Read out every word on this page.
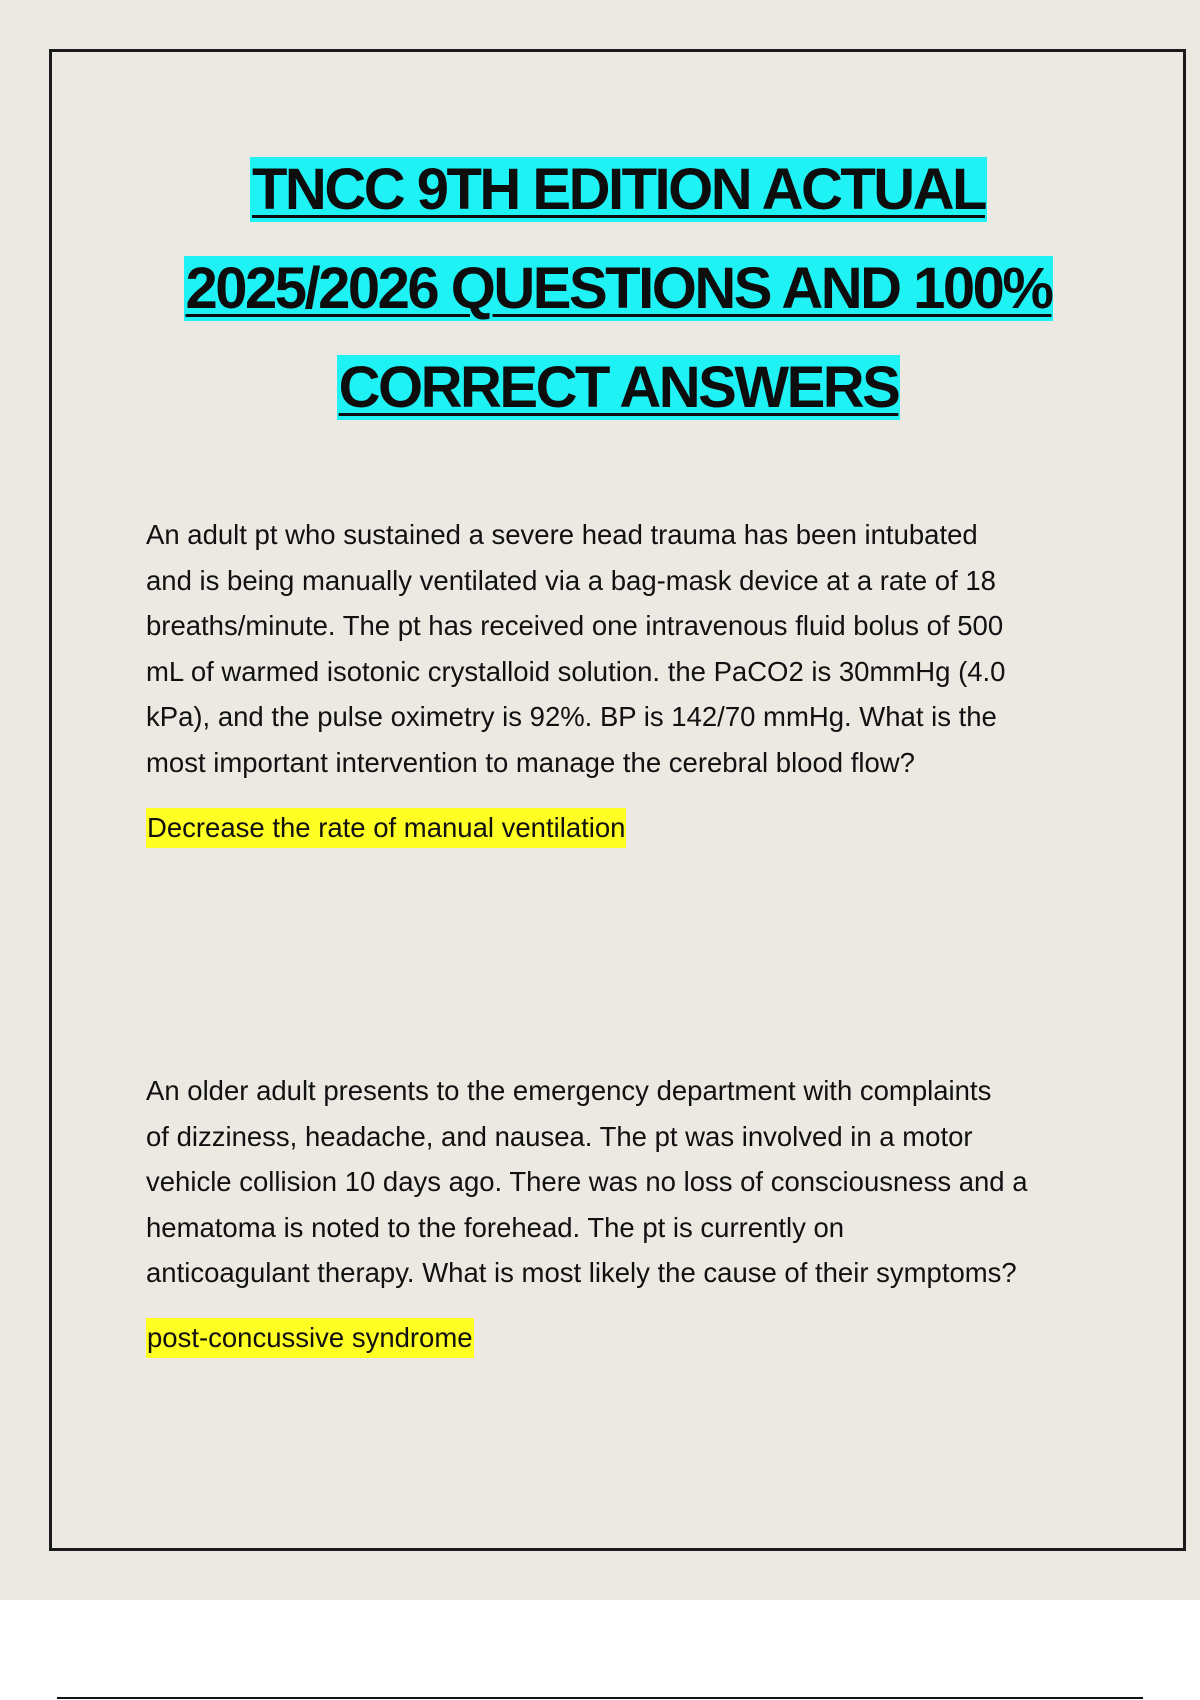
TNCC 9TH EDITION ACTUAL
2025/2026 QUESTIONS AND 100%
CORRECT ANSWERS
An adult pt who sustained a severe head trauma has been intubated
and is being manually ventilated via a bag-mask device at a rate of 18
breaths/minute. The pt has received one intravenous fluid bolus of 500
mL of warmed isotonic crystalloid solution. the PaCO2 is 30mmHg (4.0
kPa), and the pulse oximetry is 92%. BP is 142/70 mmHg. What is the
most important intervention to manage the cerebral blood flow?
Decrease the rate of manual ventilation
An older adult presents to the emergency department with complaints
of dizziness, headache, and nausea. The pt was involved in a motor
vehicle collision 10 days ago. There was no loss of consciousness and a
hematoma is noted to the forehead. The pt is currently on
anticoagulant therapy. What is most likely the cause of their symptoms?
post-concussive syndrome
